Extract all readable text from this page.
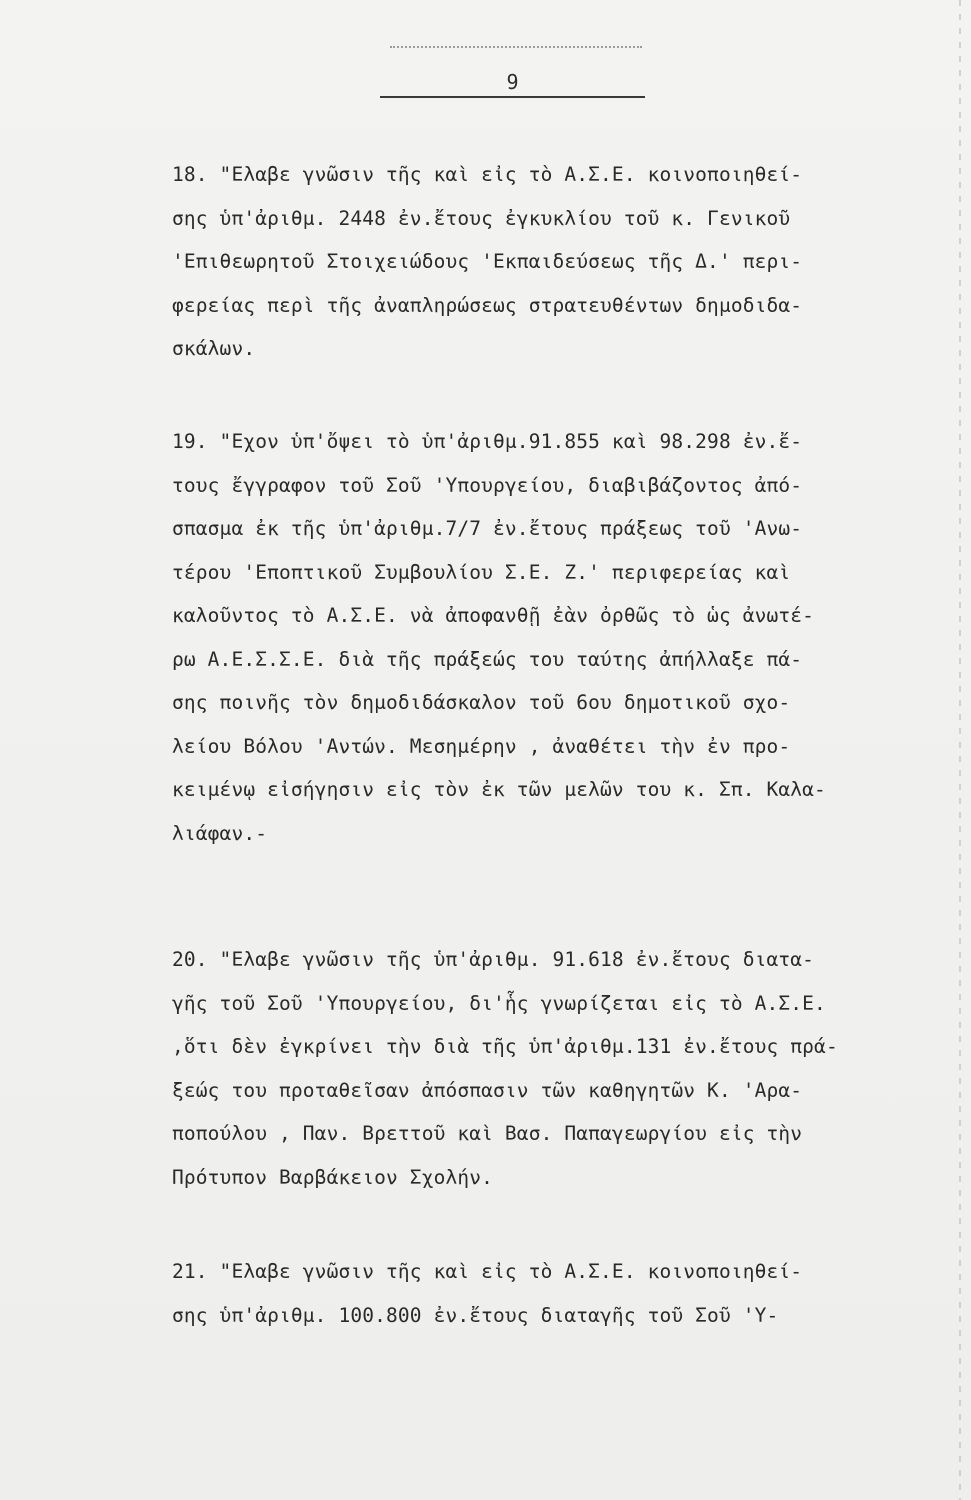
9
18. "Ελαβε γνῶσιν τῆς καὶ εἰς τὸ Α.Σ.Ε. κοινοποιηθεί-
σης ὑπ'ἀριθμ. 2448 ἐν.ἔτους ἐγκυκλίου τοῦ κ. Γενικοῦ
'Επιθεωρητοῦ Στοιχειώδους 'Εκπαιδεύσεως τῆς Δ.' περι-
φερείας περὶ τῆς ἀναπληρώσεως στρατευθέντων δημοδιδα-
σκάλων.
19. "Εχον ὑπ'ὄψει τὸ ὑπ'ἀριθμ.91.855 καὶ 98.298 ἐν.ἔ-
τους ἔγγραφον τοῦ Σοῦ 'Υπουργείου, διαβιβάζοντος ἀπό-
σπασμα ἐκ τῆς ὑπ'ἀριθμ.7/7 ἐν.ἔτους πράξεως τοῦ 'Ανω-
τέρου 'Εποπτικοῦ Συμβουλίου Σ.Ε. Ζ.' περιφερείας καὶ
καλοῦντος τὸ Α.Σ.Ε. νὰ ἀποφανθῇ ἐὰν ὀρθῶς τὸ ὡς ἀνωτέ-
ρω Α.Ε.Σ.Σ.Ε. διὰ τῆς πράξεώς του ταύτης ἀπήλλαξε πά-
σης ποινῆς τὸν δημοδιδάσκαλον τοῦ 6ου δημοτικοῦ σχο-
λείου Βόλου 'Αντών. Μεσημέρην , ἀναθέτει τὴν ἐν προ-
κειμένῳ εἰσήγησιν εἰς τὸν ἐκ τῶν μελῶν του κ. Σπ. Καλα-
λιάφαν.-
20. "Ελαβε γνῶσιν τῆς ὑπ'ἀριθμ. 91.618 ἐν.ἔτους διατα-
γῆς τοῦ Σοῦ 'Υπουργείου, δι'ἧς γνωρίζεται εἰς τὸ Α.Σ.Ε.
,ὅτι δὲν ἐγκρίνει τὴν διὰ τῆς ὑπ'ἀριθμ.131 ἐν.ἔτους πρά-
ξεώς του προταθεῖσαν ἀπόσπασιν τῶν καθηγητῶν Κ. 'Αρα-
ποπούλου , Παν. Βρεττοῦ καὶ Βασ. Παπαγεωργίου εἰς τὴν
Πρότυπον Βαρβάκειον Σχολήν.
21. "Ελαβε γνῶσιν τῆς καὶ εἰς τὸ Α.Σ.Ε. κοινοποιηθεί-
σης ὑπ'ἀριθμ. 100.800 ἐν.ἔτους διαταγῆς τοῦ Σοῦ 'Υ-
